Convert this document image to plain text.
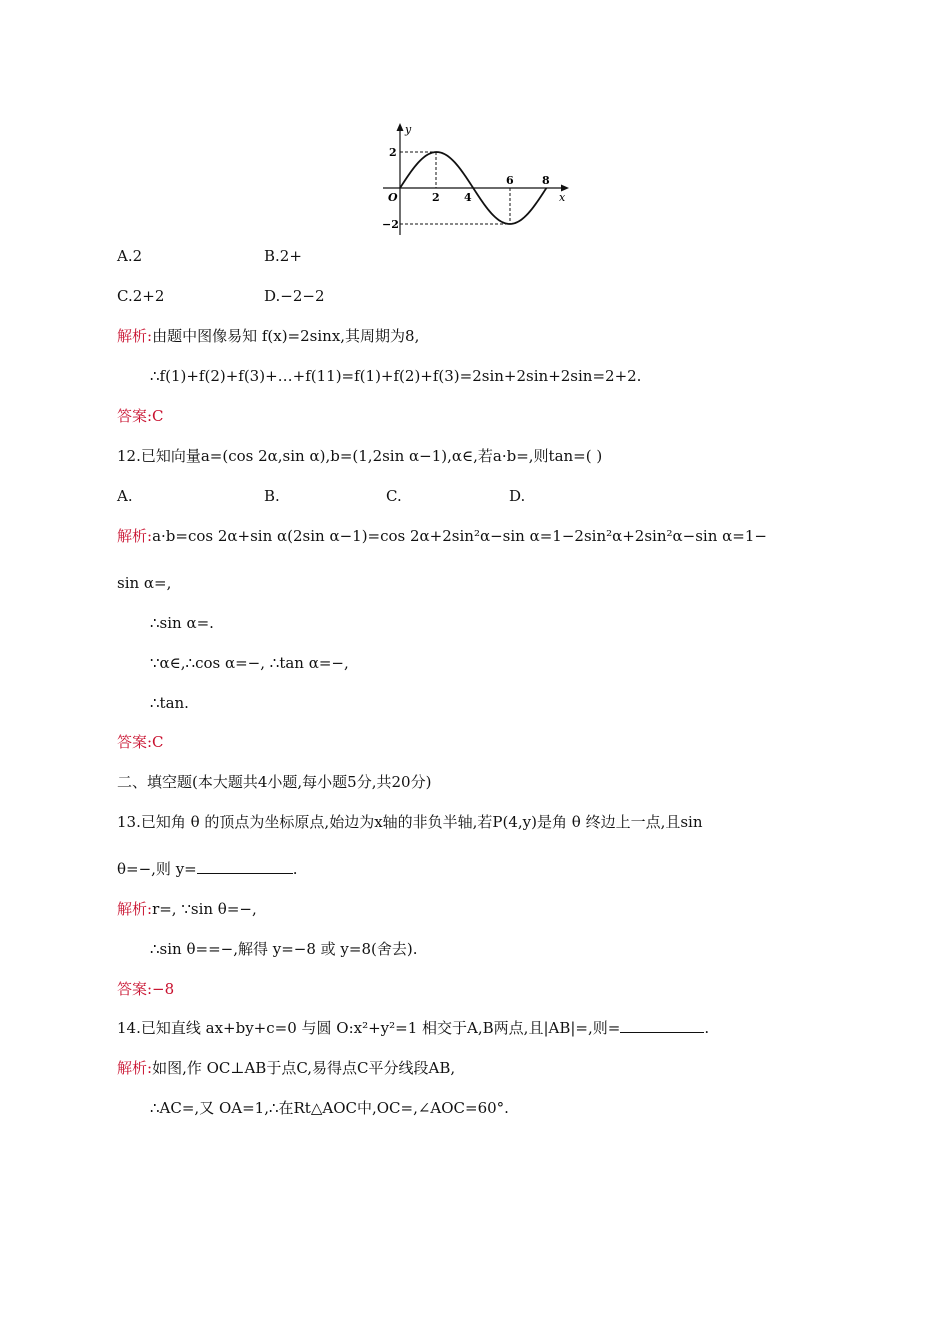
y
x
O
2
−2
2 4
6	8
A.2	B.2+
C.2+2	D.−2−2
解析:由题中图像易知 f(x)=2sinx,其周期为8,
∴f(1)+f(2)+f(3)+…+f(11)=f(1)+f(2)+f(3)=2sin+2sin+2sin=2+2.
答案:C
12.已知向量a=(cos 2α,sin α),b=(1,2sin α−1),α∈,若a·b=,则tan=( )
A.	B.	C.	D.
解析:a·b=cos 2α+sin α(2sin α−1)=cos 2α+2sin²α−sin α=1−2sin²α+2sin²α−sin α=1−
sin α=,
∴sin α=.
∵α∈,∴cos α=−, ∴tan α=−,
∴tan.
答案:C
二、填空题(本大题共4小题,每小题5分,共20分)
13.已知角 θ 的顶点为坐标原点,始边为x轴的非负半轴,若P(4,y)是角 θ 终边上一点,且sin
θ=−,则 y=	.
解析:r=, ∵sin θ=−,
∴sin θ==−,解得 y=−8 或 y=8(舍去).
答案:−8
14.已知直线 ax+by+c=0 与圆 O:x²+y²=1 相交于A,B两点,且|AB|=,则=	.
解析:如图,作 OC⊥AB于点C,易得点C平分线段AB,
∴AC=,又 OA=1,∴在Rt△AOC中,OC=,∠AOC=60°.
